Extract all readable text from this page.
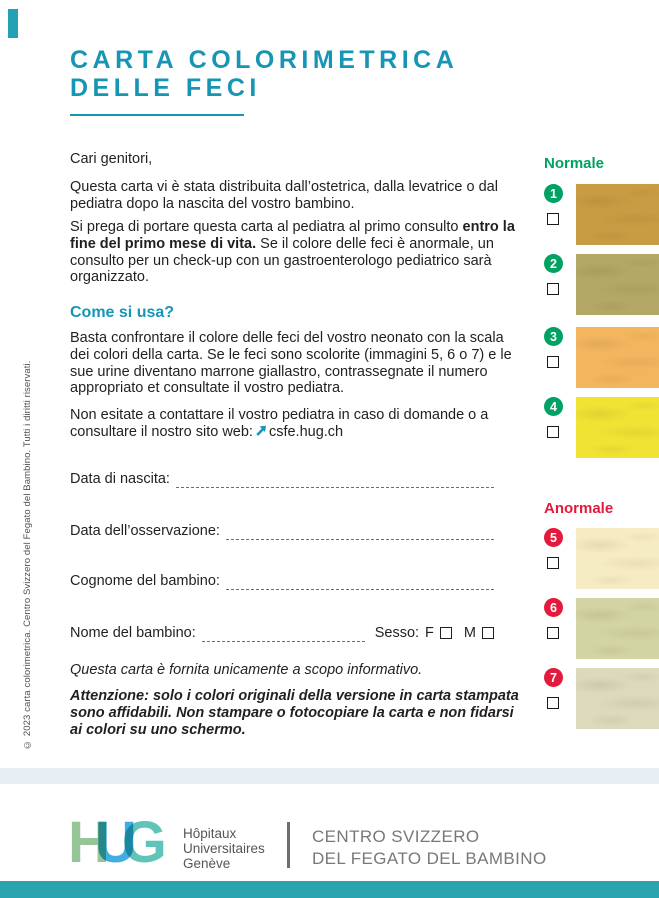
© 2023 carta colorimetrica. Centro Svizzero del Fegato del Bambino. Tutti i diritti riservati.
CARTA COLORIMETRICA
DELLE FECI

Cari genitori,

Questa carta vi è stata distribuita dall’ostetrica, dalla levatrice o dal pediatra dopo la nascita del vostro bambino.

Si prega di portare questa carta al pediatra al primo consulto entro la fine del primo mese di vita. Se il colore delle feci è anormale, un consulto per un check-up con un gastroenterologo pediatrico sarà organizzato.

Come si usa?

Basta confrontare il colore delle feci del vostro neonato con la scala dei colori della carta. Se le feci sono scolorite (immagini 5, 6 o 7) e le sue urine diventano marrone giallastro, contrassegnate il numero appropriato et consultate il vostro pediatra.

Non esitate a contattare il vostro pediatra in caso di domande o a consultare il nostro sito web: csfe.hug.ch

Data di nascita:
Data dell’osservazione:
Cognome del bambino:
Nome del bambino:	Sesso: F M

Questa carta è fornita unicamente a scopo informativo.

Attenzione: solo i colori originali della versione in carta stampata sono affidabili. Non stampare o fotocopiare la carta e non fidarsi ai colori su uno schermo.

Normale
1
2
3
4
Anormale
5
6
7
HUG Hôpitaux
Universitaires
Genève
CENTRO SVIZZERO
DEL FEGATO DEL BAMBINO
